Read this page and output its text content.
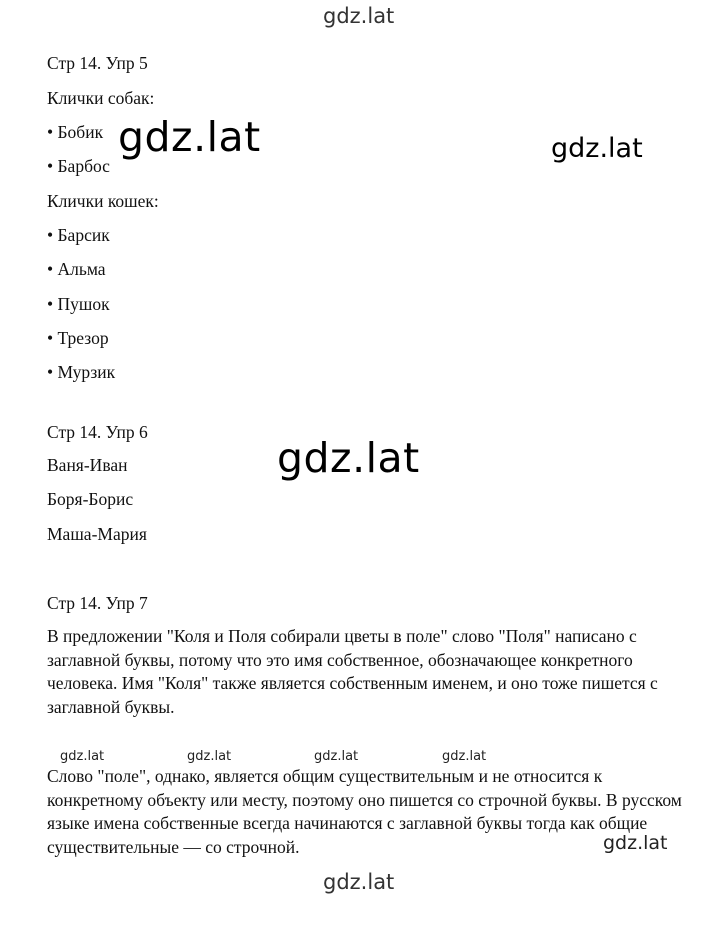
gdz.lat
gdz.lat	gdz.lat
gdz.lat
gdz.lat	gdz.lat	gdz.lat	gdz.lat
gdz.lat
gdz.lat
Стр 14. Упр 5
Клички собак:
• Бобик
• Барбос
Клички кошек:
• Барсик
• Альма
• Пушок
• Трезор
• Мурзик
Стр 14. Упр 6
Ваня-Иван
Боря-Борис
Маша-Мария
Стр 14. Упр 7
В предложении "Коля и Поля собирали цветы в поле" слово "Поля" написано с заглавной буквы, потому что это имя собственное, обозначающее конкретного человека. Имя "Коля" также является собственным именем, и оно тоже пишется с заглавной буквы.
Слово "поле", однако, является общим существительным и не относится к конкретному объекту или месту, поэтому оно пишется со строчной буквы. В русском языке имена собственные всегда начинаются с заглавной буквы тогда как общие существительные — со строчной.
